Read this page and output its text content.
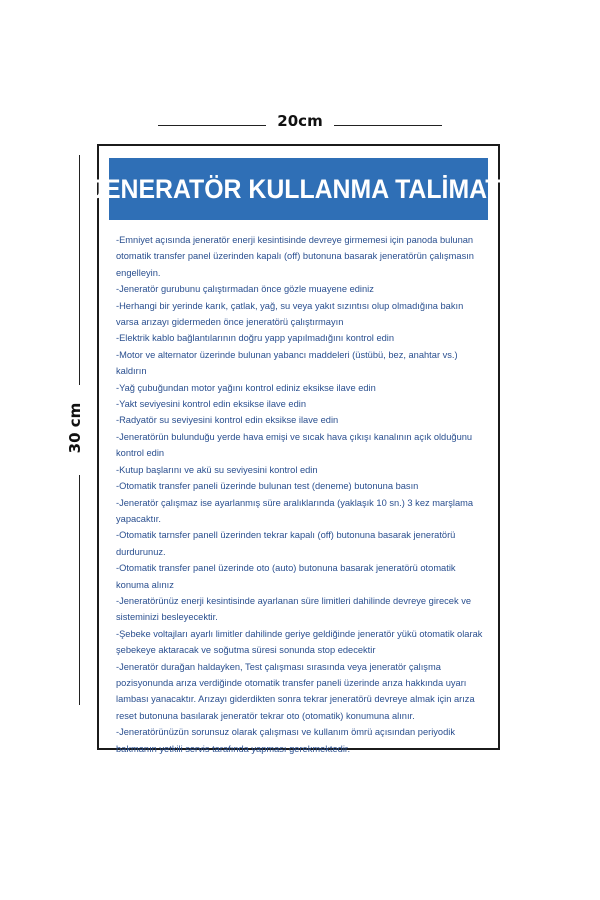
20cm
30 cm
JENERATÖR KULLANMA TALİMATI

-Emniyet açısında jeneratör enerji kesintisinde devreye girmemesi için panoda bulunan otomatik transfer panel üzerinden kapalı (off) butonuna basarak jeneratörün çalışmasın engelleyin.

-Jeneratör gurubunu çalıştırmadan önce gözle muayene ediniz

-Herhangi bir yerinde karık, çatlak, yağ, su veya yakıt sızıntısı olup olmadığına bakın varsa arızayı gidermeden önce jeneratörü çalıştırmayın

-Elektrik kablo bağlantılarının doğru yapp yapılmadığını kontrol edin

-Motor ve alternator üzerinde bulunan yabancı maddeleri (üstübü, bez, anahtar vs.) kaldırın

-Yağ çubuğundan motor yağını kontrol ediniz eksikse ilave edin

-Yakt seviyesini kontrol edin eksikse ilave edin

-Radyatör su seviyesini kontrol edin eksikse ilave edin

-Jeneratörün bulunduğu yerde hava emişi ve sıcak hava çıkışı kanalının açık olduğunu kontrol edin

-Kutup başlarını ve akü su seviyesini kontrol edin

-Otomatik transfer paneli üzerinde bulunan test (deneme) butonuna basın

-Jeneratör çalışmaz ise ayarlanmış süre aralıklarında (yaklaşık 10 sn.) 3 kez marşlama yapacaktır.

-Otomatik tarnsfer panell üzerinden tekrar kapalı (off) butonuna basarak jeneratörü durdurunuz.

-Otomatik transfer panel üzerinde oto (auto) butonuna basarak jeneratörü otomatik konuma alınız

-Jeneratörünüz enerji kesintisinde ayarlanan süre limitleri dahilinde devreye girecek ve sisteminizi besleyecektir.

-Şebeke voltajları ayarlı limitler dahilinde geriye geldiğinde jeneratör yükü otomatik olarak şebekeye aktaracak ve soğutma süresi sonunda stop edecektir

-Jeneratör durağan haldayken, Test çalışması sırasında veya jeneratör çalışma pozisyonunda arıza verdiğinde otomatik transfer paneli üzerinde arıza hakkında uyarı lambası yanacaktır. Arızayı giderdikten sonra tekrar jeneratörü devreye almak için arıza reset butonuna basılarak jeneratör tekrar oto (otomatik) konumuna alınır.

-Jeneratörünüzün sorunsuz olarak çalışması ve kullanım ömrü açısından periyodik bakmanın yetkili servis tarafında yapması gerekmektedir.
